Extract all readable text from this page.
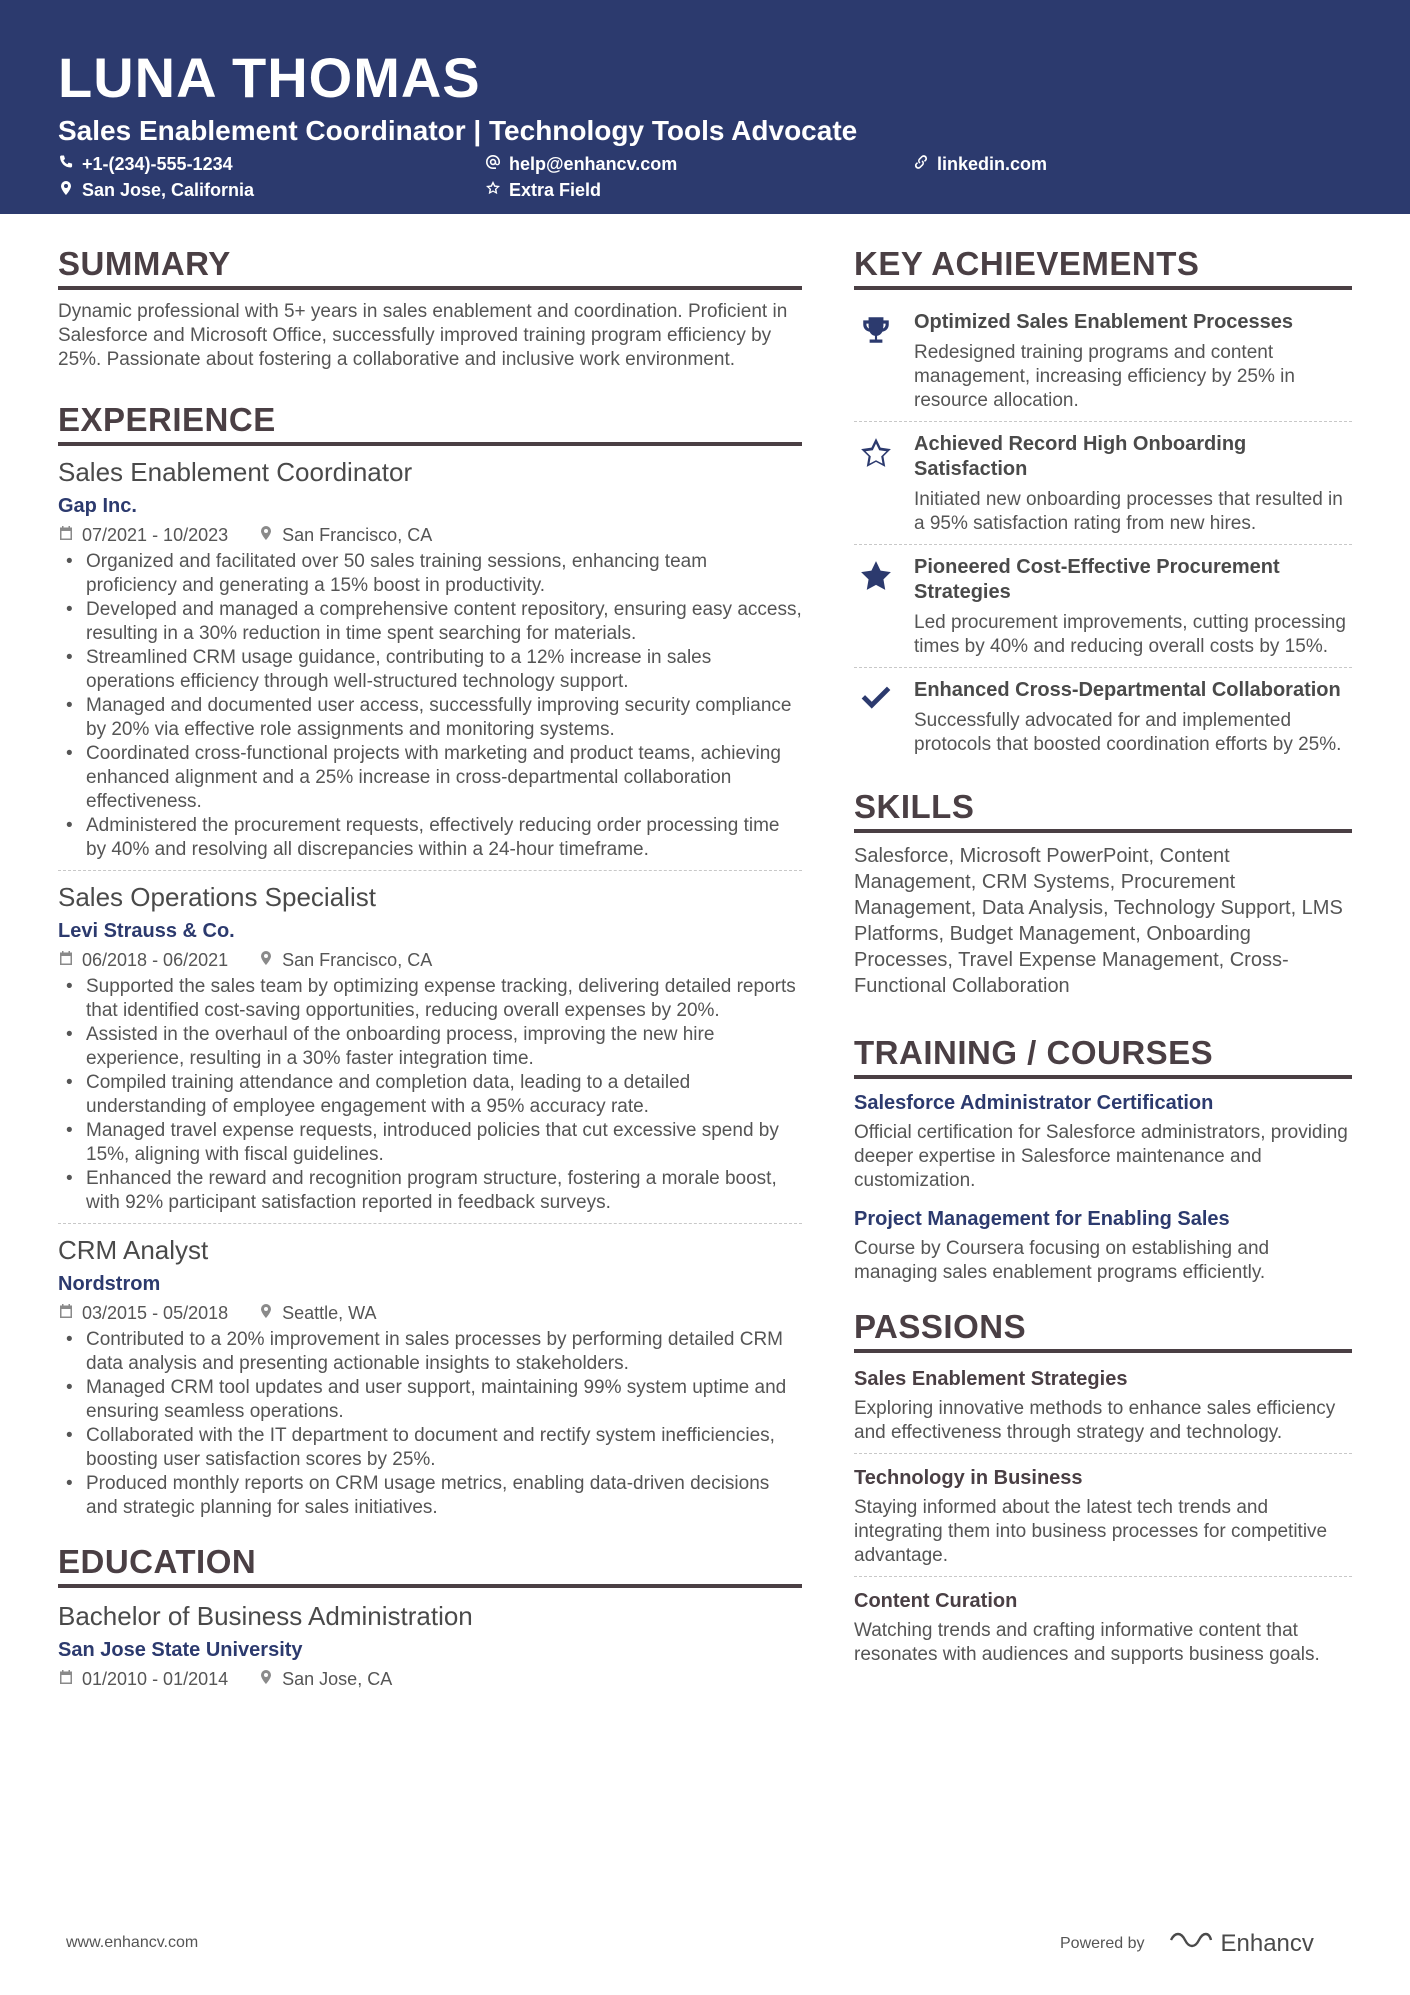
LUNA THOMAS
Sales Enablement Coordinator | Technology Tools Advocate
+1-(234)-555-1234	help@enhancv.com	linkedin.com
San Jose, California	Extra Field
SUMMARY
Dynamic professional with 5+ years in sales enablement and coordination. Proficient in Salesforce and Microsoft Office, successfully improved training program efficiency by 25%. Passionate about fostering a collaborative and inclusive work environment.
EXPERIENCE
Sales Enablement Coordinator
Gap Inc.
07/2021 - 10/2023	San Francisco, CA
• Organized and facilitated over 50 sales training sessions, enhancing team proficiency and generating a 15% boost in productivity.
• Developed and managed a comprehensive content repository, ensuring easy access, resulting in a 30% reduction in time spent searching for materials.
• Streamlined CRM usage guidance, contributing to a 12% increase in sales operations efficiency through well-structured technology support.
• Managed and documented user access, successfully improving security compliance by 20% via effective role assignments and monitoring systems.
• Coordinated cross-functional projects with marketing and product teams, achieving enhanced alignment and a 25% increase in cross-departmental collaboration effectiveness.
• Administered the procurement requests, effectively reducing order processing time by 40% and resolving all discrepancies within a 24-hour timeframe.
Sales Operations Specialist
Levi Strauss & Co.
06/2018 - 06/2021	San Francisco, CA
• Supported the sales team by optimizing expense tracking, delivering detailed reports that identified cost-saving opportunities, reducing overall expenses by 20%.
• Assisted in the overhaul of the onboarding process, improving the new hire experience, resulting in a 30% faster integration time.
• Compiled training attendance and completion data, leading to a detailed understanding of employee engagement with a 95% accuracy rate.
• Managed travel expense requests, introduced policies that cut excessive spend by 15%, aligning with fiscal guidelines.
• Enhanced the reward and recognition program structure, fostering a morale boost, with 92% participant satisfaction reported in feedback surveys.
CRM Analyst
Nordstrom
03/2015 - 05/2018	Seattle, WA
• Contributed to a 20% improvement in sales processes by performing detailed CRM data analysis and presenting actionable insights to stakeholders.
• Managed CRM tool updates and user support, maintaining 99% system uptime and ensuring seamless operations.
• Collaborated with the IT department to document and rectify system inefficiencies, boosting user satisfaction scores by 25%.
• Produced monthly reports on CRM usage metrics, enabling data-driven decisions and strategic planning for sales initiatives.
EDUCATION
Bachelor of Business Administration
San Jose State University
01/2010 - 01/2014	San Jose, CA
KEY ACHIEVEMENTS
Optimized Sales Enablement Processes
Redesigned training programs and content management, increasing efficiency by 25% in resource allocation.
Achieved Record High Onboarding Satisfaction
Initiated new onboarding processes that resulted in a 95% satisfaction rating from new hires.
Pioneered Cost-Effective Procurement Strategies
Led procurement improvements, cutting processing times by 40% and reducing overall costs by 15%.
Enhanced Cross-Departmental Collaboration
Successfully advocated for and implemented protocols that boosted coordination efforts by 25%.
SKILLS
Salesforce, Microsoft PowerPoint, Content Management, CRM Systems, Procurement Management, Data Analysis, Technology Support, LMS Platforms, Budget Management, Onboarding Processes, Travel Expense Management, Cross-Functional Collaboration
TRAINING / COURSES
Salesforce Administrator Certification
Official certification for Salesforce administrators, providing deeper expertise in Salesforce maintenance and customization.
Project Management for Enabling Sales
Course by Coursera focusing on establishing and managing sales enablement programs efficiently.
PASSIONS
Sales Enablement Strategies
Exploring innovative methods to enhance sales efficiency and effectiveness through strategy and technology.
Technology in Business
Staying informed about the latest tech trends and integrating them into business processes for competitive advantage.
Content Curation
Watching trends and crafting informative content that resonates with audiences and supports business goals.
www.enhancv.com	Powered by	Enhancv
